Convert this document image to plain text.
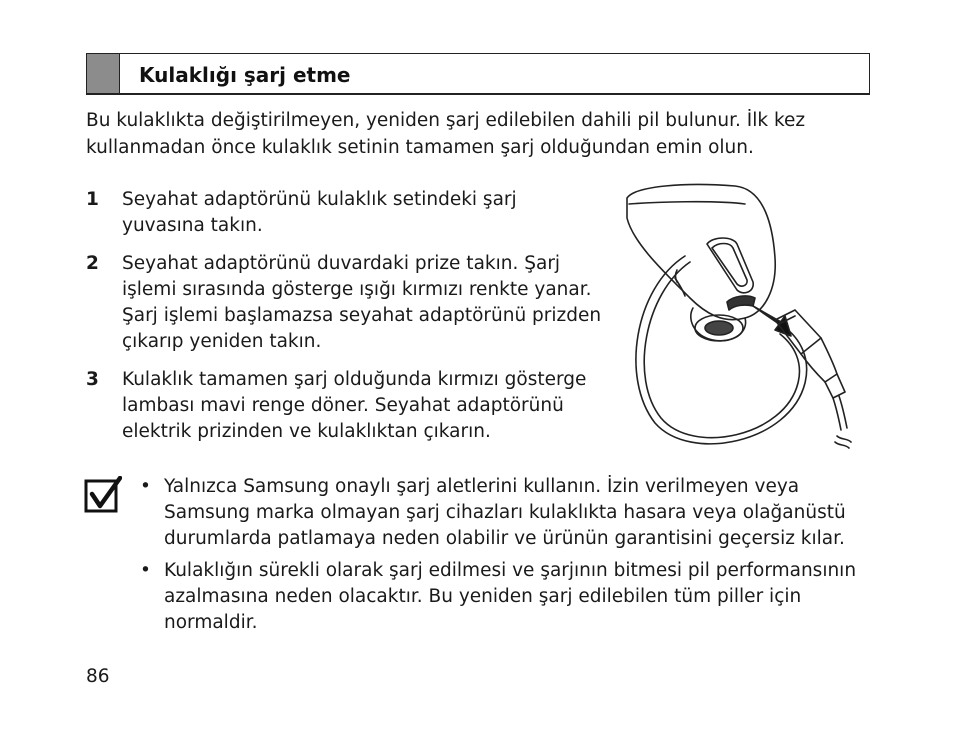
Kulaklığı şarj etme

Bu kulaklıkta değiştirilmeyen, yeniden şarj edilebilen dahili pil bulunur. İlk kez kullanmadan önce kulaklık setinin tamamen şarj olduğundan emin olun.

1 Seyahat adaptörünü kulaklık setindeki şarj yuvasına takın.
2 Seyahat adaptörünü duvardaki prize takın. Şarj işlemi sırasında gösterge ışığı kırmızı renkte yanar. Şarj işlemi başlamazsa seyahat adaptörünü prizden çıkarıp yeniden takın.
3 Kulaklık tamamen şarj olduğunda kırmızı gösterge lambası mavi renge döner. Seyahat adaptörünü elektrik prizinden ve kulaklıktan çıkarın.
• Yalnızca Samsung onaylı şarj aletlerini kullanın. İzin verilmeyen veya Samsung marka olmayan şarj cihazları kulaklıkta hasara veya olağanüstü durumlarda patlamaya neden olabilir ve ürünün garantisini geçersiz kılar.
• Kulaklığın sürekli olarak şarj edilmesi ve şarjının bitmesi pil performansının azalmasına neden olacaktır. Bu yeniden şarj edilebilen tüm piller için normaldir.
86
